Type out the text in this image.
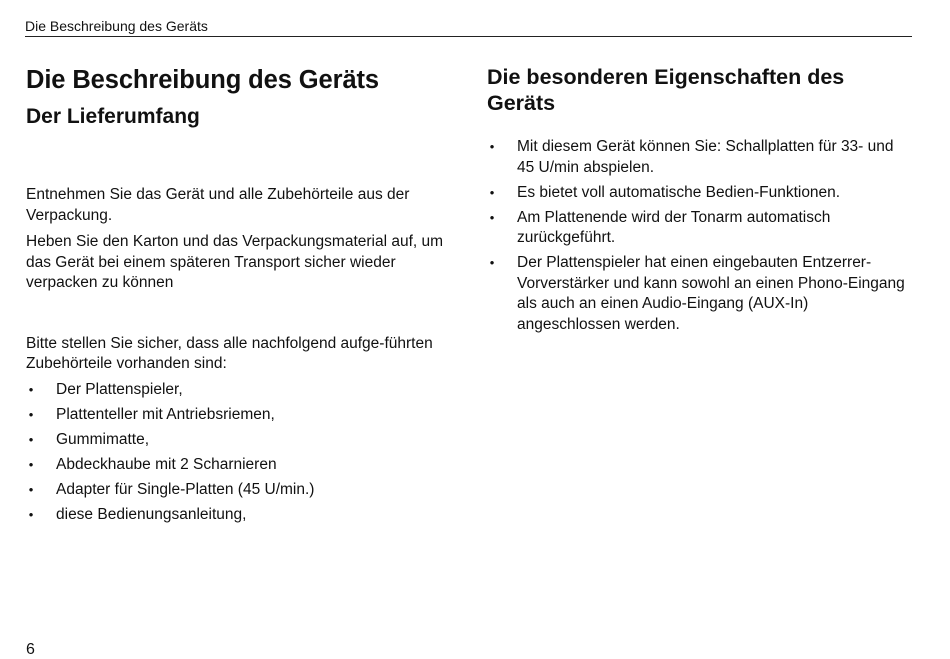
Die Beschreibung des Geräts
Die Beschreibung des Geräts
Der Lieferumfang

Entnehmen Sie das Gerät und alle Zubehörteile aus der Verpackung.

Heben Sie den Karton und das Verpackungsmaterial auf, um das Gerät bei einem späteren Transport sicher wieder verpacken zu können

Bitte stellen Sie sicher, dass alle nachfolgend aufge-führten Zubehörteile vorhanden sind:

• Der Plattenspieler,
• Plattenteller mit Antriebsriemen,
• Gummimatte,
• Abdeckhaube mit 2 Scharnieren
• Adapter für Single-Platten (45 U/min.)
• diese Bedienungsanleitung,
Die besonderen Eigenschaften des Geräts
• Mit diesem Gerät können Sie: Schallplatten für 33- und 45 U/min abspielen.
• Es bietet voll automatische Bedien-Funktionen.
• Am Plattenende wird der Tonarm automatisch zurückgeführt.
• Der Plattenspieler hat einen eingebauten Entzerrer-Vorverstärker und kann sowohl an einen Phono-Eingang als auch an einen Audio-Eingang (AUX-In) angeschlossen werden.
6
